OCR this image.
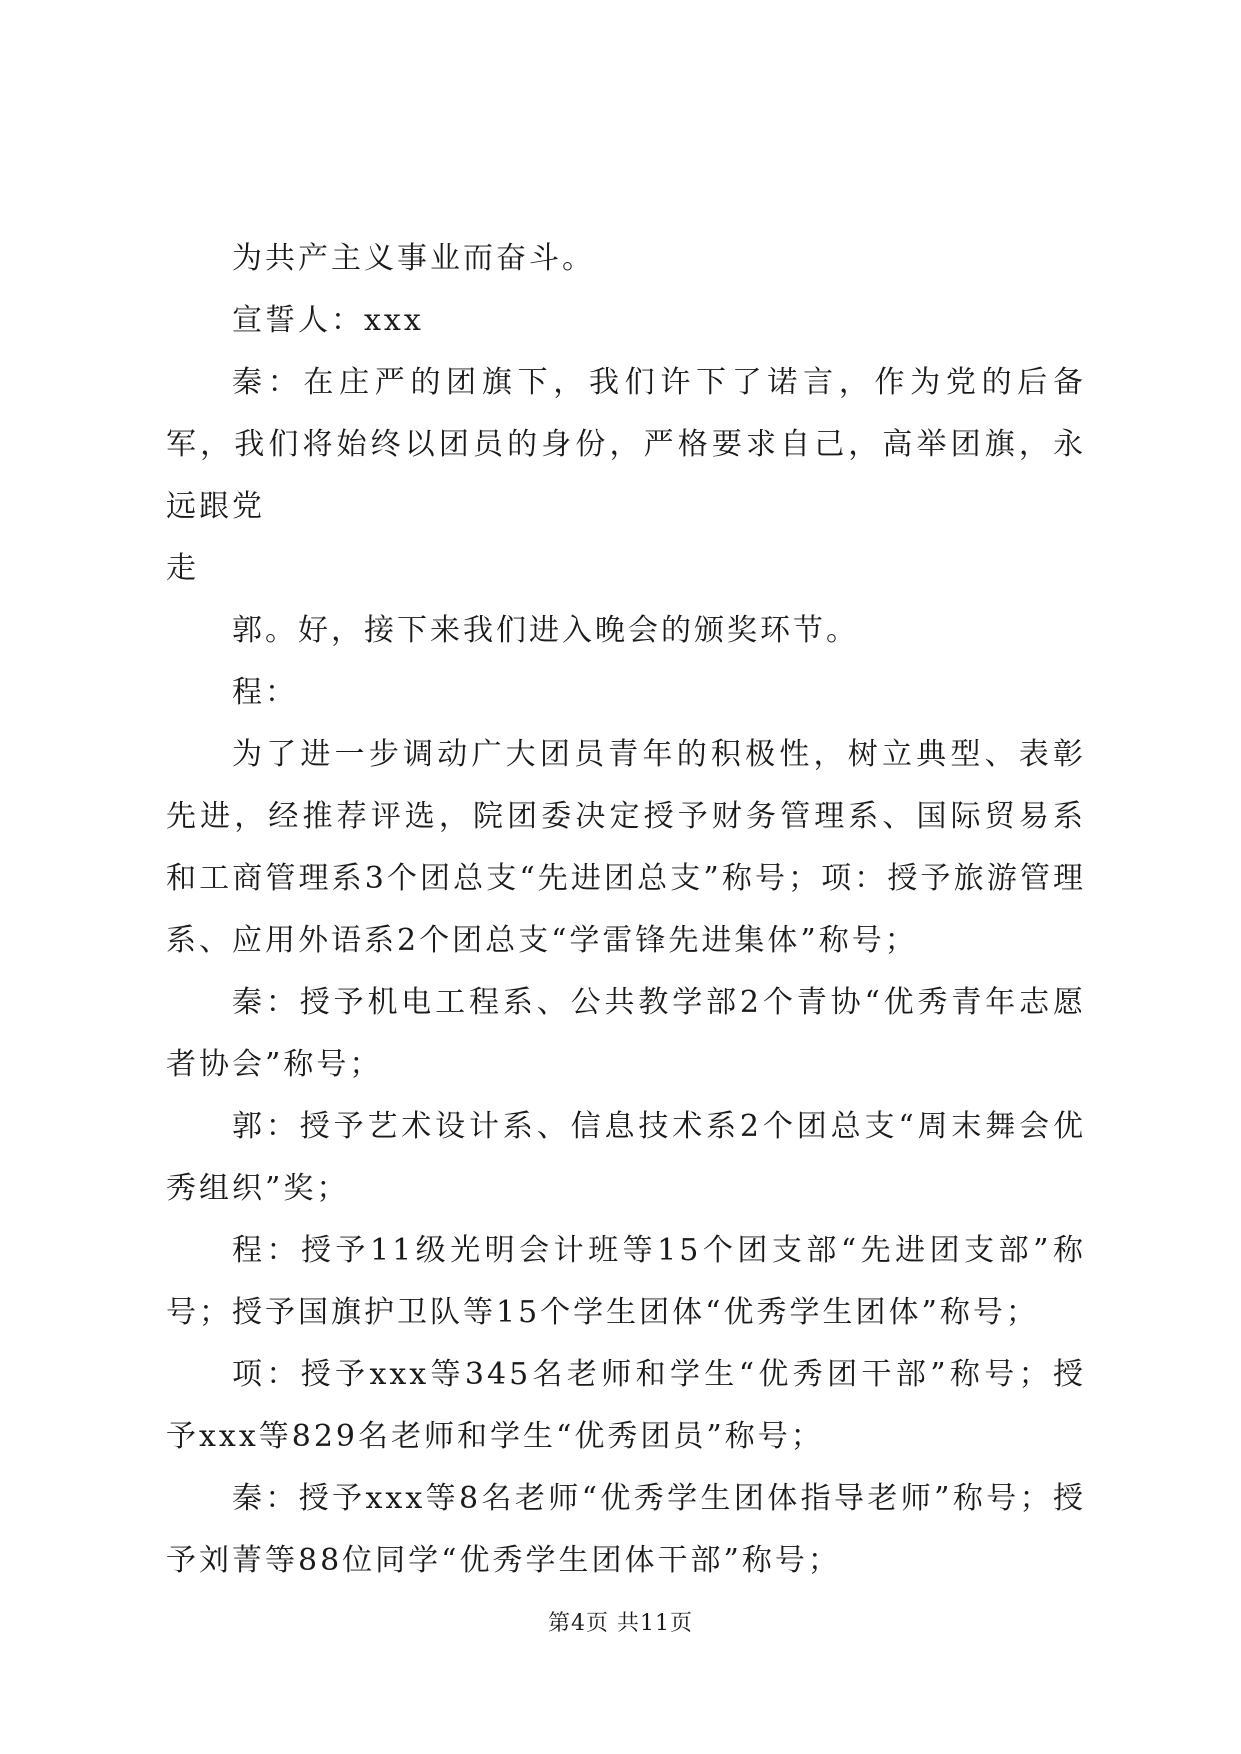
为共产主义事业而奋斗。

宣誓人：xxx

秦：在庄严的团旗下，我们许下了诺言，作为党的后备军，我们将始终以团员的身份，严格要求自己，高举团旗，永远跟党

走

郭。好，接下来我们进入晚会的颁奖环节。

程：

为了进一步调动广大团员青年的积极性，树立典型、表彰先进，经推荐评选，院团委决定授予财务管理系、国际贸易系和工商管理系3个团总支“先进团总支”称号；项：授予旅游管理系、应用外语系2个团总支“学雷锋先进集体”称号；

秦：授予机电工程系、公共教学部2个青协“优秀青年志愿者协会”称号；

郭：授予艺术设计系、信息技术系2个团总支“周末舞会优秀组织”奖；

程：授予11级光明会计班等15个团支部“先进团支部”称号；授予国旗护卫队等15个学生团体“优秀学生团体”称号；

项：授予xxx等345名老师和学生“优秀团干部”称号；授予xxx等829名老师和学生“优秀团员”称号；

秦：授予xxx等8名老师“优秀学生团体指导老师”称号；授予刘菁等88位同学“优秀学生团体干部”称号；

第4页 共11页
